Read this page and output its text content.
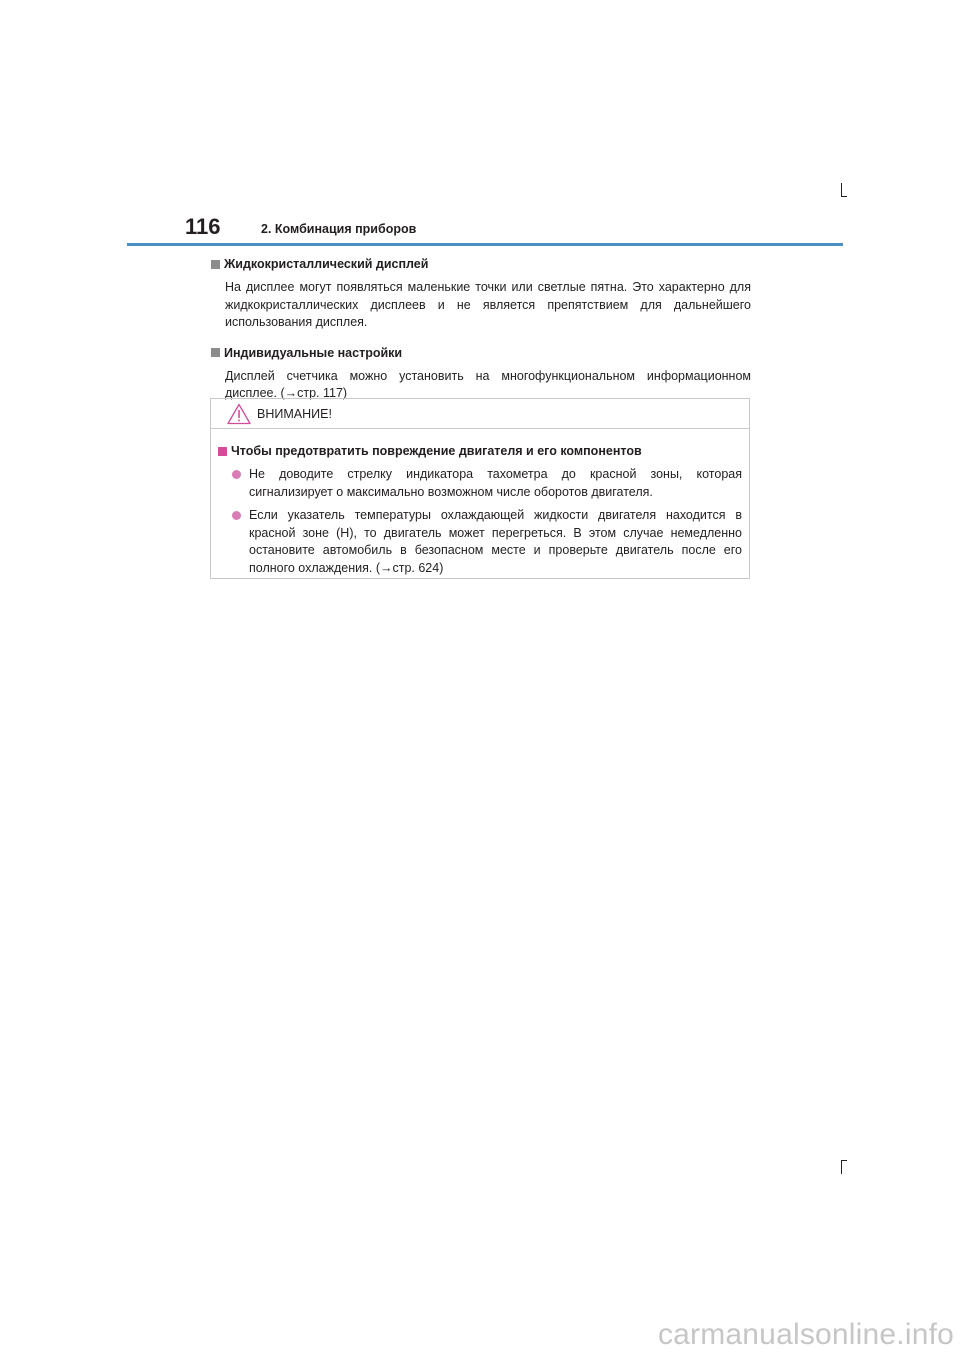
116	2. Комбинация приборов
Жидкокристаллический дисплей

На дисплее могут появляться маленькие точки или светлые пятна. Это характерно для жидкокристаллических дисплеев и не является препятствием для дальнейшего использования дисплея.

Индивидуальные настройки

Дисплей счетчика можно установить на многофункциональном информационном дисплее. (→стр. 117)

ВНИМАНИЕ!
Чтобы предотвратить повреждение двигателя и его компонентов
Не доводите стрелку индикатора тахометра до красной зоны, которая сигнализирует о максимально возможном числе оборотов двигателя.
Если указатель температуры охлаждающей жидкости двигателя находится в красной зоне (H), то двигатель может перегреться. В этом случае немедленно остановите автомобиль в безопасном месте и проверьте двигатель после его полного охлаждения. (→стр. 624)
carmanualsonline.info
